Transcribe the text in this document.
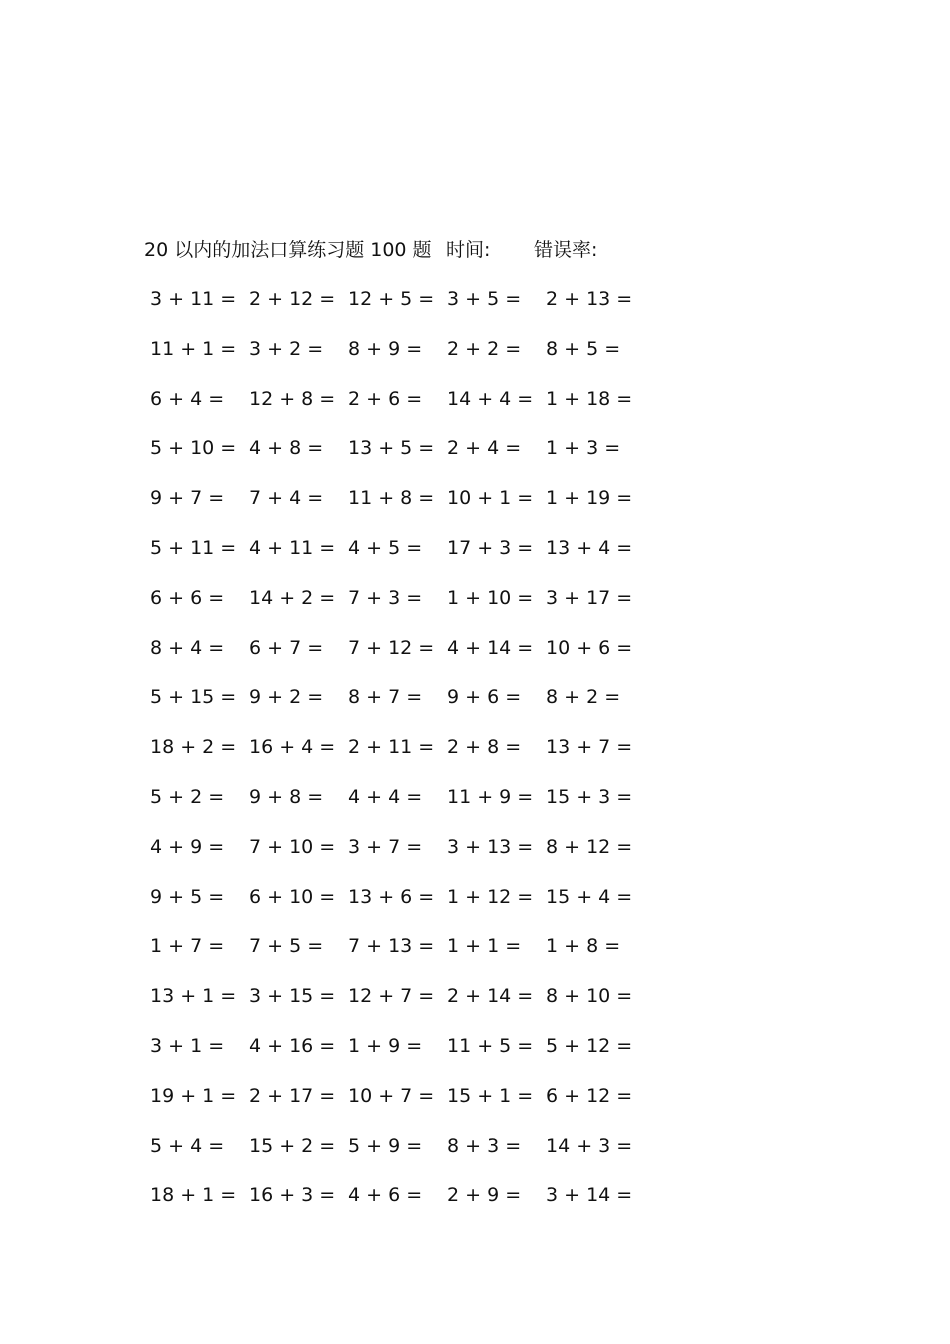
20 以内的加法口算练习题 100 题 时间: 错误率:
3 + 11 = 2 + 12 = 12 + 5 = 3 + 5 = 2 + 13 =
11 + 1 = 3 + 2 = 8 + 9 = 2 + 2 = 8 + 5 =
6 + 4 = 12 + 8 = 2 + 6 = 14 + 4 = 1 + 18 =
5 + 10 = 4 + 8 = 13 + 5 = 2 + 4 = 1 + 3 =
9 + 7 = 7 + 4 = 11 + 8 = 10 + 1 = 1 + 19 =
5 + 11 = 4 + 11 = 4 + 5 = 17 + 3 = 13 + 4 =
6 + 6 = 14 + 2 = 7 + 3 = 1 + 10 = 3 + 17 =
8 + 4 = 6 + 7 = 7 + 12 = 4 + 14 = 10 + 6 =
5 + 15 = 9 + 2 = 8 + 7 = 9 + 6 = 8 + 2 =
18 + 2 = 16 + 4 = 2 + 11 = 2 + 8 = 13 + 7 =
5 + 2 = 9 + 8 = 4 + 4 = 11 + 9 = 15 + 3 =
4 + 9 = 7 + 10 = 3 + 7 = 3 + 13 = 8 + 12 =
9 + 5 = 6 + 10 = 13 + 6 = 1 + 12 = 15 + 4 =
1 + 7 = 7 + 5 = 7 + 13 = 1 + 1 = 1 + 8 =
13 + 1 = 3 + 15 = 12 + 7 = 2 + 14 = 8 + 10 =
3 + 1 = 4 + 16 = 1 + 9 = 11 + 5 = 5 + 12 =
19 + 1 = 2 + 17 = 10 + 7 = 15 + 1 = 6 + 12 =
5 + 4 = 15 + 2 = 5 + 9 = 8 + 3 = 14 + 3 =
18 + 1 = 16 + 3 = 4 + 6 = 2 + 9 = 3 + 14 =
